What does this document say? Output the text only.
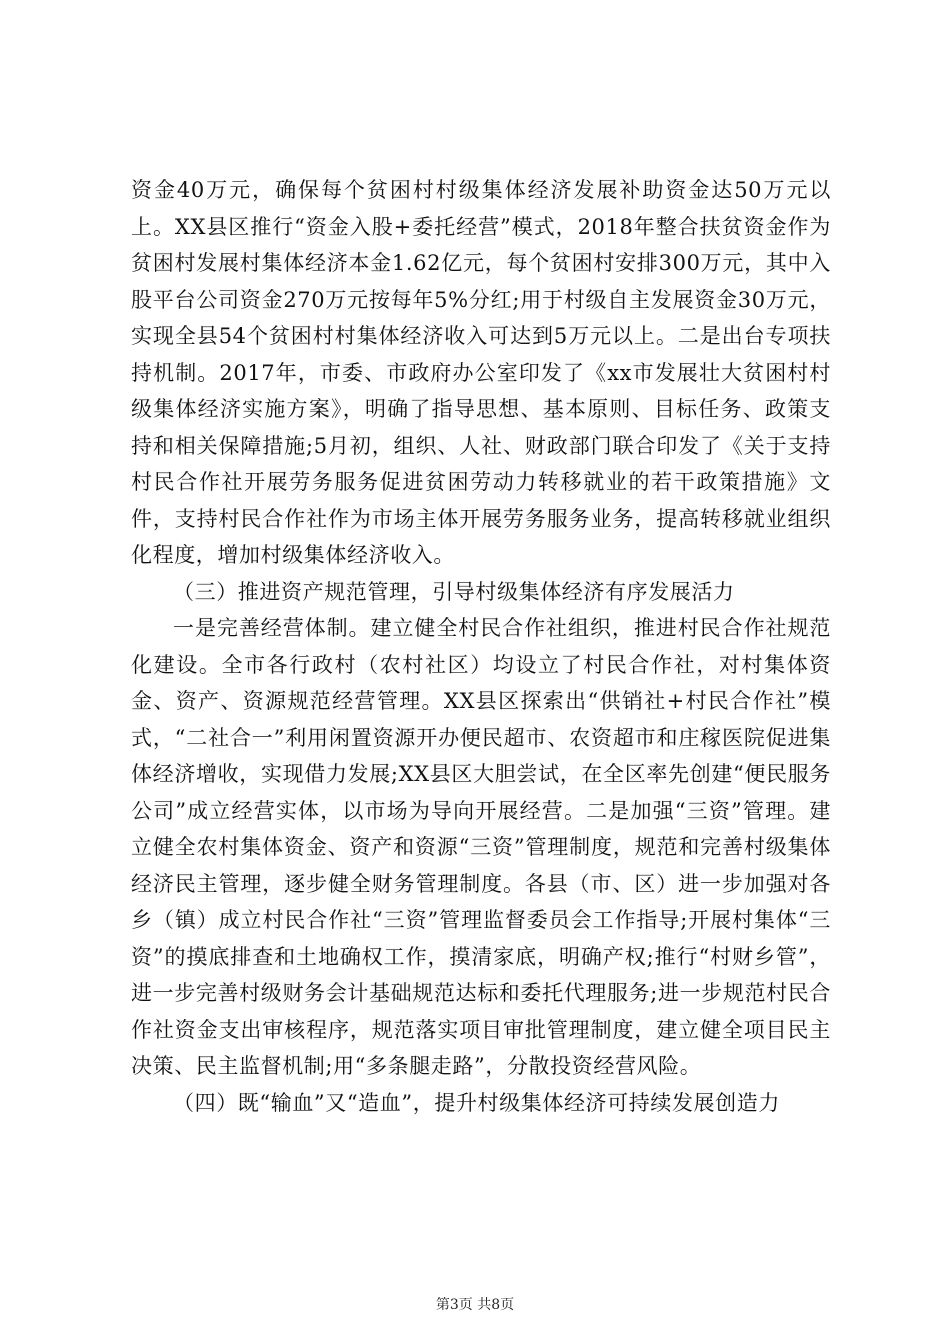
资金40万元，确保每个贫困村村级集体经济发展补助资金达50万元以上。XX县区推行“资金入股+委托经营”模式，2018年整合扶贫资金作为贫困村发展村集体经济本金1.62亿元，每个贫困村安排300万元，其中入股平台公司资金270万元按每年5%分红;用于村级自主发展资金30万元，实现全县54个贫困村村集体经济收入可达到5万元以上。二是出台专项扶持机制。2017年，市委、市政府办公室印发了《xx市发展壮大贫困村村级集体经济实施方案》，明确了指导思想、基本原则、目标任务、政策支持和相关保障措施;5月初，组织、人社、财政部门联合印发了《关于支持村民合作社开展劳务服务促进贫困劳动力转移就业的若干政策措施》文件，支持村民合作社作为市场主体开展劳务服务业务，提高转移就业组织化程度，增加村级集体经济收入。

（三）推进资产规范管理，引导村级集体经济有序发展活力

一是完善经营体制。建立健全村民合作社组织，推进村民合作社规范化建设。全市各行政村（农村社区）均设立了村民合作社，对村集体资金、资产、资源规范经营管理。XX县区探索出“供销社+村民合作社”模式，“二社合一”利用闲置资源开办便民超市、农资超市和庄稼医院促进集体经济增收，实现借力发展;XX县区大胆尝试，在全区率先创建“便民服务公司”成立经营实体，以市场为导向开展经营。二是加强“三资”管理。建立健全农村集体资金、资产和资源“三资”管理制度，规范和完善村级集体经济民主管理，逐步健全财务管理制度。各县（市、区）进一步加强对各乡（镇）成立村民合作社“三资”管理监督委员会工作指导;开展村集体“三资”的摸底排查和土地确权工作，摸清家底，明确产权;推行“村财乡管”，进一步完善村级财务会计基础规范达标和委托代理服务;进一步规范村民合作社资金支出审核程序，规范落实项目审批管理制度，建立健全项目民主决策、民主监督机制;用“多条腿走路”，分散投资经营风险。

（四）既“输血”又“造血”，提升村级集体经济可持续发展创造力

第3页 共8页
